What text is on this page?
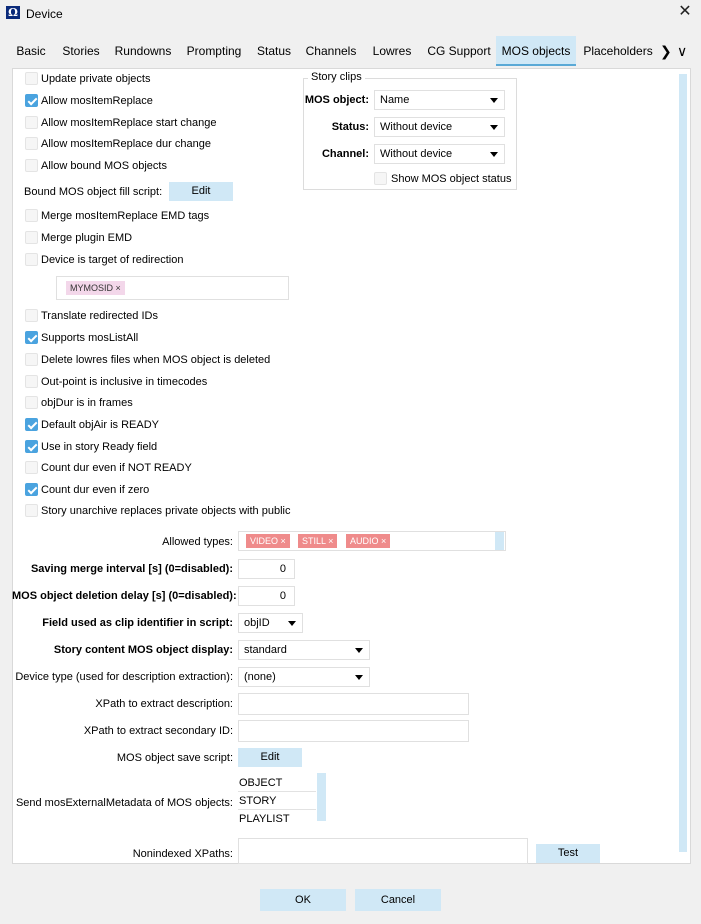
Ω Device	✕
Basic	Stories	Rundowns	Prompting	Status	Channels	Lowres	CG Support MOS objects	Placeholders ❯ ∨
Update private objects
Allow mosItemReplace
Allow mosItemReplace start change
Allow mosItemReplace dur change
Allow bound MOS objects
Bound MOS object fill script:	Edit
Merge mosItemReplace EMD tags
Merge plugin EMD
Device is target of redirection
MYMOSID ×
Translate redirected IDs
Supports mosListAll
Delete lowres files when MOS object is deleted
Out-point is inclusive in timecodes
objDur is in frames
Default objAir is READY
Use in story Ready field
Count dur even if NOT READY
Count dur even if zero
Story unarchive replaces private objects with public
Story clips
MOS object:	Name
Status:	Without device
Channel:	Without device
Show MOS object status
Allowed types:	VIDEO ×	STILL ×	AUDIO ×
Saving merge interval [s] (0=disabled):	0
MOS object deletion delay [s] (0=disabled):	0
Field used as clip identifier in script:	objID
Story content MOS object display:	standard
Device type (used for description extraction):	(none)
XPath to extract description:
XPath to extract secondary ID:
MOS object save script:	Edit
Send mosExternalMetadata of MOS objects:
OBJECT
STORY
PLAYLIST
Nonindexed XPaths:	Test
OK	Cancel
